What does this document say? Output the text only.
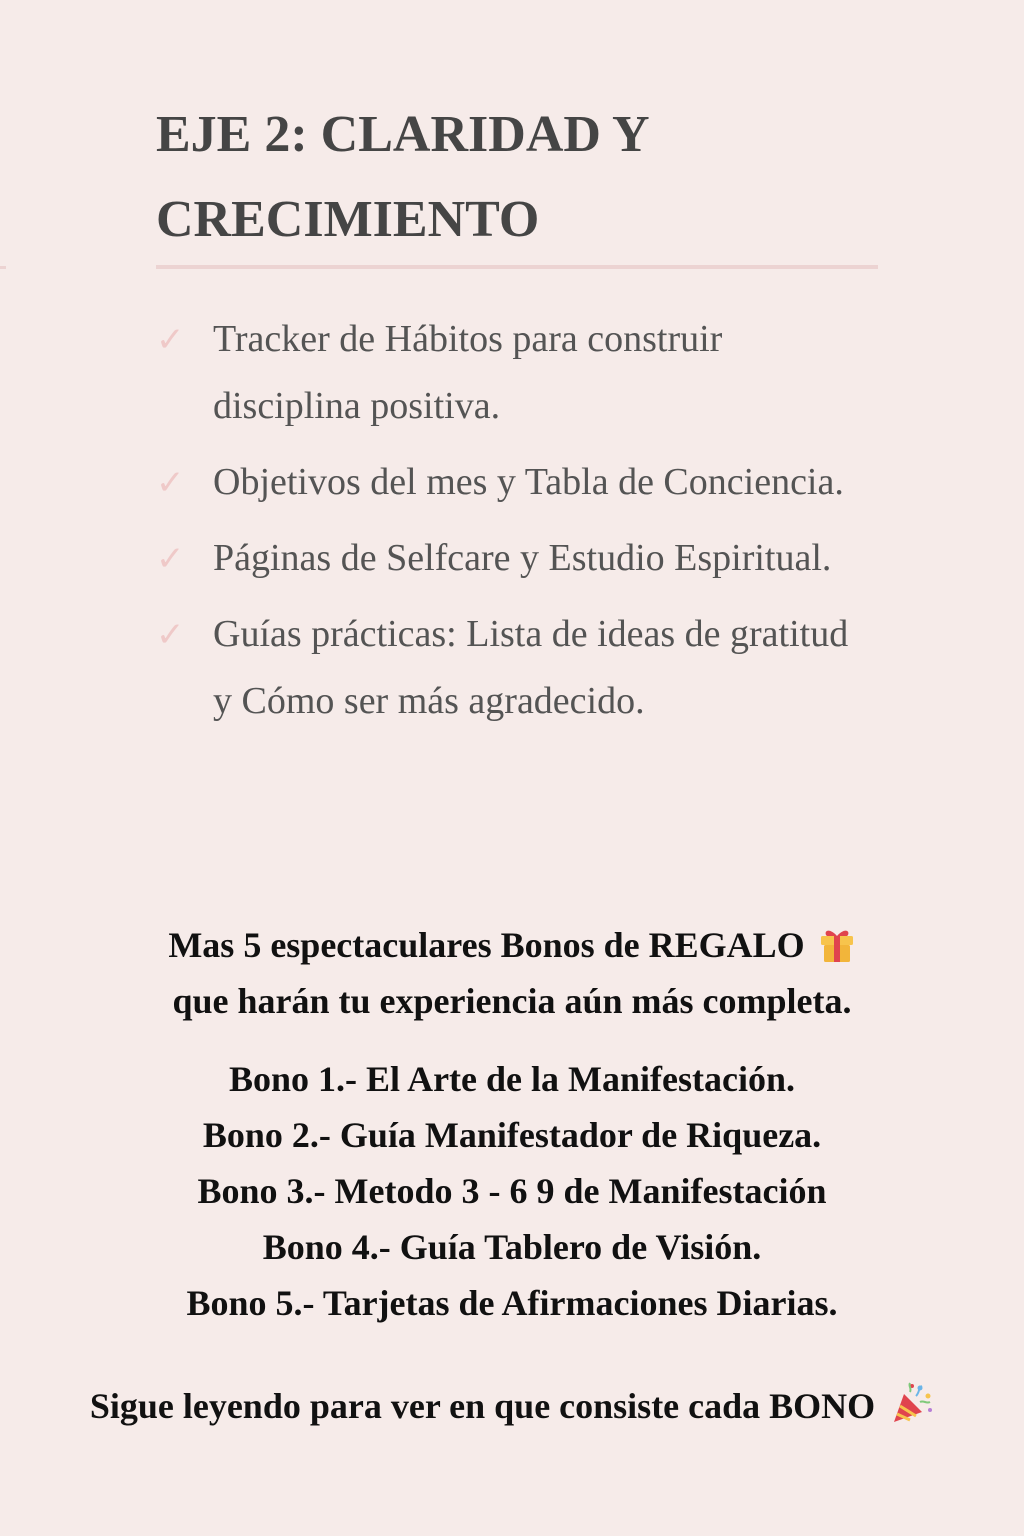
EJE 2: CLARIDAD Y CRECIMIENTO
✓ Tracker de Hábitos para construir disciplina positiva.
✓ Objetivos del mes y Tabla de Conciencia.
✓ Páginas de Selfcare y Estudio Espiritual.
✓ Guías prácticas: Lista de ideas de gratitud y Cómo ser más agradecido.
Mas 5 espectaculares Bonos de REGALO
que harán tu experiencia aún más completa.
Bono 1.- El Arte de la Manifestación.
Bono 2.- Guía Manifestador de Riqueza.
Bono 3.- Metodo 3 - 6 9 de Manifestación
Bono 4.- Guía Tablero de Visión.
Bono 5.- Tarjetas de Afirmaciones Diarias.
Sigue leyendo para ver en que consiste cada BONO
